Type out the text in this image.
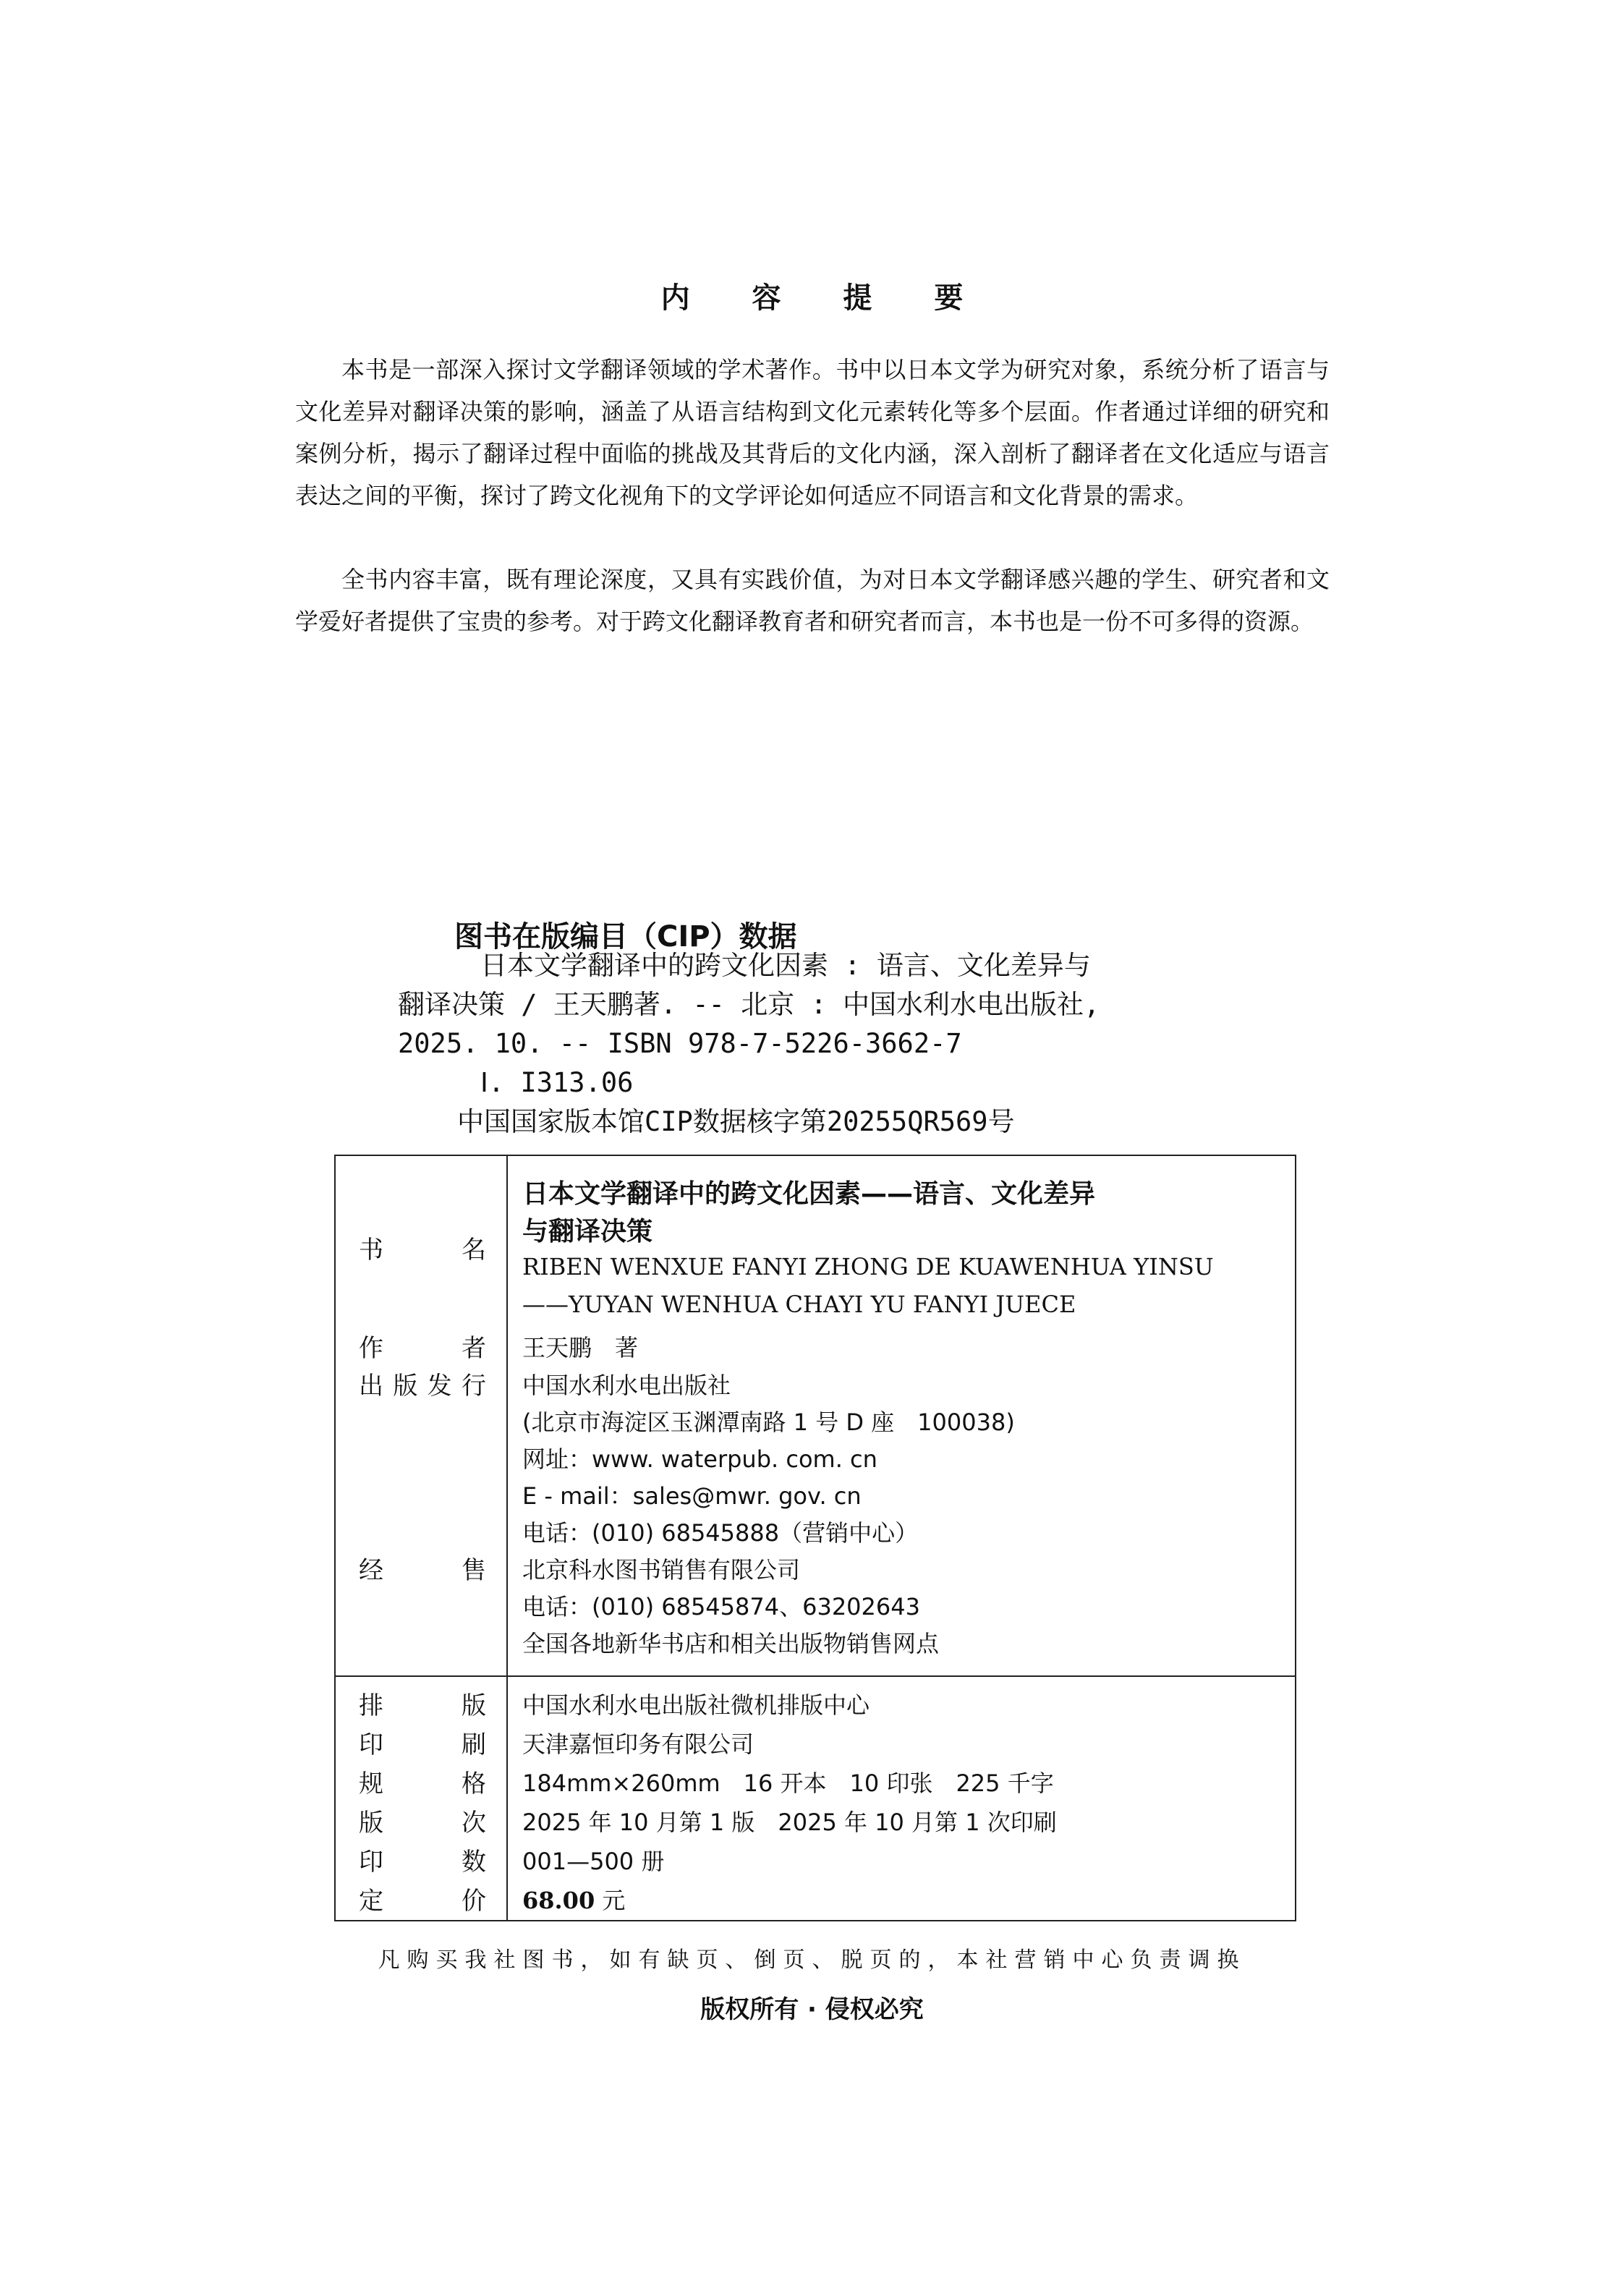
内 容 提 要
本书是一部深入探讨文学翻译领域的学术著作。书中以日本文学为研究对象，系统分析了语言与文化差异对翻译决策的影响，涵盖了从语言结构到文化元素转化等多个层面。作者通过详细的研究和案例分析，揭示了翻译过程中面临的挑战及其背后的文化内涵，深入剖析了翻译者在文化适应与语言表达之间的平衡，探讨了跨文化视角下的文学评论如何适应不同语言和文化背景的需求。
全书内容丰富，既有理论深度，又具有实践价值，为对日本文学翻译感兴趣的学生、研究者和文学爱好者提供了宝贵的参考。对于跨文化翻译教育者和研究者而言，本书也是一份不可多得的资源。
图书在版编目（CIP）数据
日本文学翻译中的跨文化因素 : 语言、文化差异与
翻译决策 / 王天鹏著. -- 北京 : 中国水利水电出版社,
2025. 10. -- ISBN 978-7-5226-3662-7
Ⅰ. I313.06
中国国家版本馆CIP数据核字第20255QR569号
书	名
日本文学翻译中的跨文化因素——语言、文化差异
与翻译决策
RIBEN WENXUE FANYI ZHONG DE KUAWENHUA YINSU
——YUYAN WENHUA CHAYI YU FANYI JUECE
作	者 王天鹏　著
出 版 发 行 中国水利水电出版社
(北京市海淀区玉渊潭南路 1 号 D 座　100038)
网址：www. waterpub. com. cn
E - mail：sales@mwr. gov. cn
电话：(010) 68545888（营销中心）
经	售 北京科水图书销售有限公司
电话：(010) 68545874、63202643
全国各地新华书店和相关出版物销售网点
排	版 中国水利水电出版社微机排版中心
印	刷 天津嘉恒印务有限公司
规	格 184mm×260mm　16 开本　10 印张　225 千字
版	次 2025 年 10 月第 1 版　2025 年 10 月第 1 次印刷
印	数 001—500 册
定	价 68.00 元
凡购买我社图书，如有缺页、倒页、脱页的，本社营销中心负责调换
版权所有 · 侵权必究
